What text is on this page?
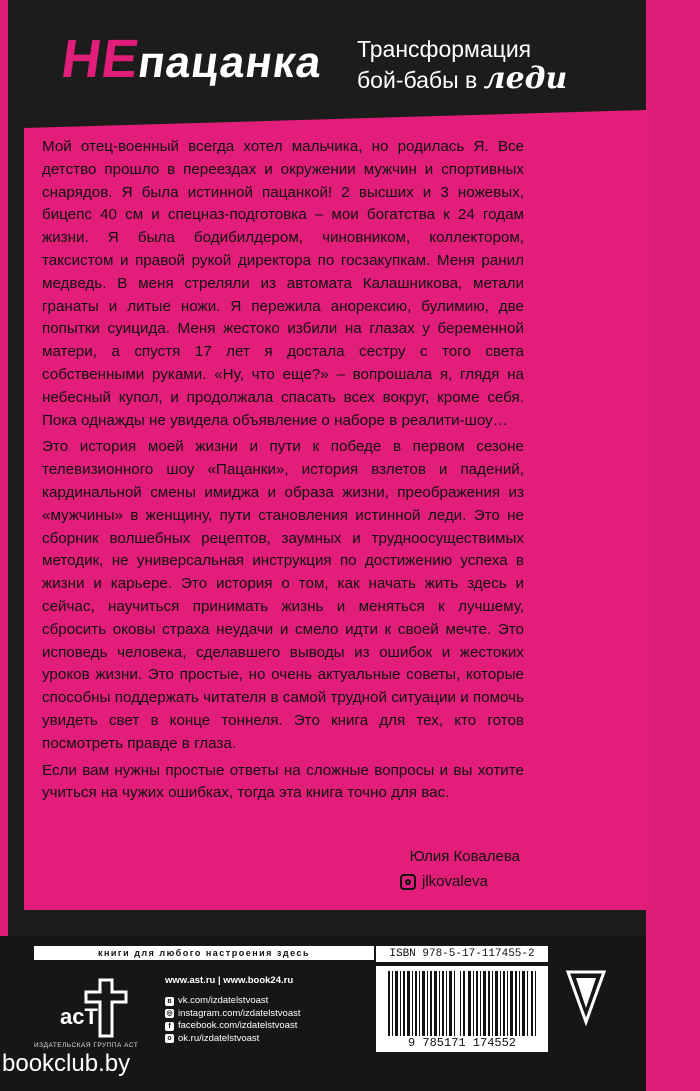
НЕпацанка Трансформация
бой-бабы в леди

Мой отец-военный всегда хотел мальчика, но родилась Я. Все детство прошло в переездах и окружении мужчин и спортивных снарядов. Я была истинной пацанкой! 2 высших и 3 ножевых, бицепс 40 см и спецназ-подготовка – мои богатства к 24 годам жизни. Я была бодибилдером, чиновником, коллектором, таксистом и правой рукой директора по госзакупкам. Меня ранил медведь. В меня стреляли из автомата Калашникова, метали гранаты и литые ножи. Я пережила анорексию, булимию, две попытки суицида. Меня жестоко избили на глазах у беременной матери, а спустя 17 лет я достала сестру с того света собственными руками. «Ну, что еще?» – вопрошала я, глядя на небесный купол, и продолжала спасать всех вокруг, кроме себя. Пока однажды не увидела объявление о наборе в реалити-шоу…

Это история моей жизни и пути к победе в первом сезоне телевизионного шоу «Пацанки», история взлетов и падений, кардинальной смены имиджа и образа жизни, преображения из «мужчины» в женщину, пути становления истинной леди. Это не сборник волшебных рецептов, заумных и трудноосуществимых методик, не универсальная инструкция по достижению успеха в жизни и карьере. Это история о том, как начать жить здесь и сейчас, научиться принимать жизнь и меняться к лучшему, сбросить оковы страха неудачи и смело идти к своей мечте. Это исповедь человека, сделавшего выводы из ошибок и жестоких уроков жизни. Это простые, но очень актуальные советы, которые способны поддержать читателя в самой трудной ситуации и помочь увидеть свет в конце тоннеля. Это книга для тех, кто готов посмотреть правде в глаза.

Если вам нужны простые ответы на сложные вопросы и вы хотите учиться на чужих ошибках, тогда эта книга точно для вас.

Юлия Ковалева
jlkovaleva
книги для любого настроения здесь
acT
ИЗДАТЕЛЬСКАЯ ГРУППА АСТ
www.ast.ru | www.book24.ru
в vk.com/izdatelstvoast
◎ instagram.com/izdatelstvoast
f facebook.com/izdatelstvoast
о ok.ru/izdatelstvoast
ISBN 978-5-17-117455-2
9 785171 174552
bookclub.by
